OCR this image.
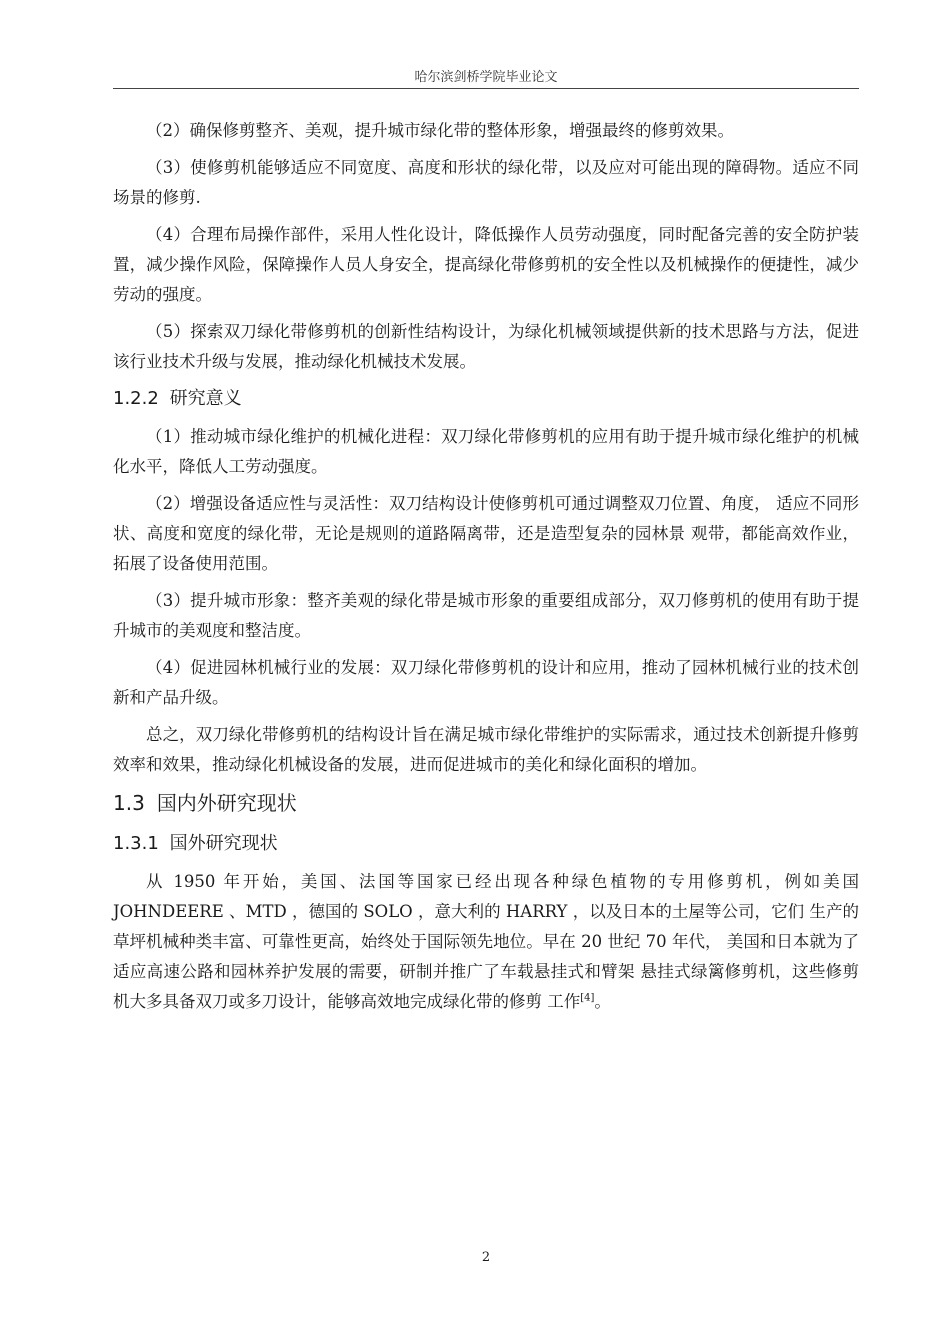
哈尔滨剑桥学院毕业论文

（2）确保修剪整齐、美观，提升城市绿化带的整体形象，增强最终的修剪效果。

（3）使修剪机能够适应不同宽度、高度和形状的绿化带，以及应对可能出现的障碍物。适应不同场景的修剪.

（4）合理布局操作部件，采用人性化设计，降低操作人员劳动强度，同时配备完善的安全防护装置，减少操作风险，保障操作人员人身安全，提高绿化带修剪机的安全性以及机械操作的便捷性，减少劳动的强度。

（5）探索双刀绿化带修剪机的创新性结构设计，为绿化机械领域提供新的技术思路与方法，促进该行业技术升级与发展，推动绿化机械技术发展。

1.2.2 研究意义

（1）推动城市绿化维护的机械化进程：双刀绿化带修剪机的应用有助于提升城市绿化维护的机械化水平，降低人工劳动强度。

（2）增强设备适应性与灵活性：双刀结构设计使修剪机可通过调整双刀位置、角度， 适应不同形状、高度和宽度的绿化带，无论是规则的道路隔离带，还是造型复杂的园林景 观带，都能高效作业，拓展了设备使用范围。

（3）提升城市形象：整齐美观的绿化带是城市形象的重要组成部分，双刀修剪机的使用有助于提升城市的美观度和整洁度。

（4）促进园林机械行业的发展：双刀绿化带修剪机的设计和应用，推动了园林机械行业的技术创新和产品升级。

总之，双刀绿化带修剪机的结构设计旨在满足城市绿化带维护的实际需求，通过技术创新提升修剪效率和效果，推动绿化机械设备的发展，进而促进城市的美化和绿化面积的增加。

1.3 国内外研究现状
1.3.1 国外研究现状

从 1950 年开始，美国、法国等国家已经出现各种绿色植物的专用修剪机，例如美国 JOHNDEERE 、MTD ，德国的 SOLO ，意大利的 HARRY ，以及日本的土屋等公司，它们 生产的草坪机械种类丰富、可靠性更高，始终处于国际领先地位。早在 20 世纪 70 年代， 美国和日本就为了适应高速公路和园林养护发展的需要，研制并推广了车载悬挂式和臂架 悬挂式绿篱修剪机，这些修剪机大多具备双刀或多刀设计，能够高效地完成绿化带的修剪 工作[4]。

2
